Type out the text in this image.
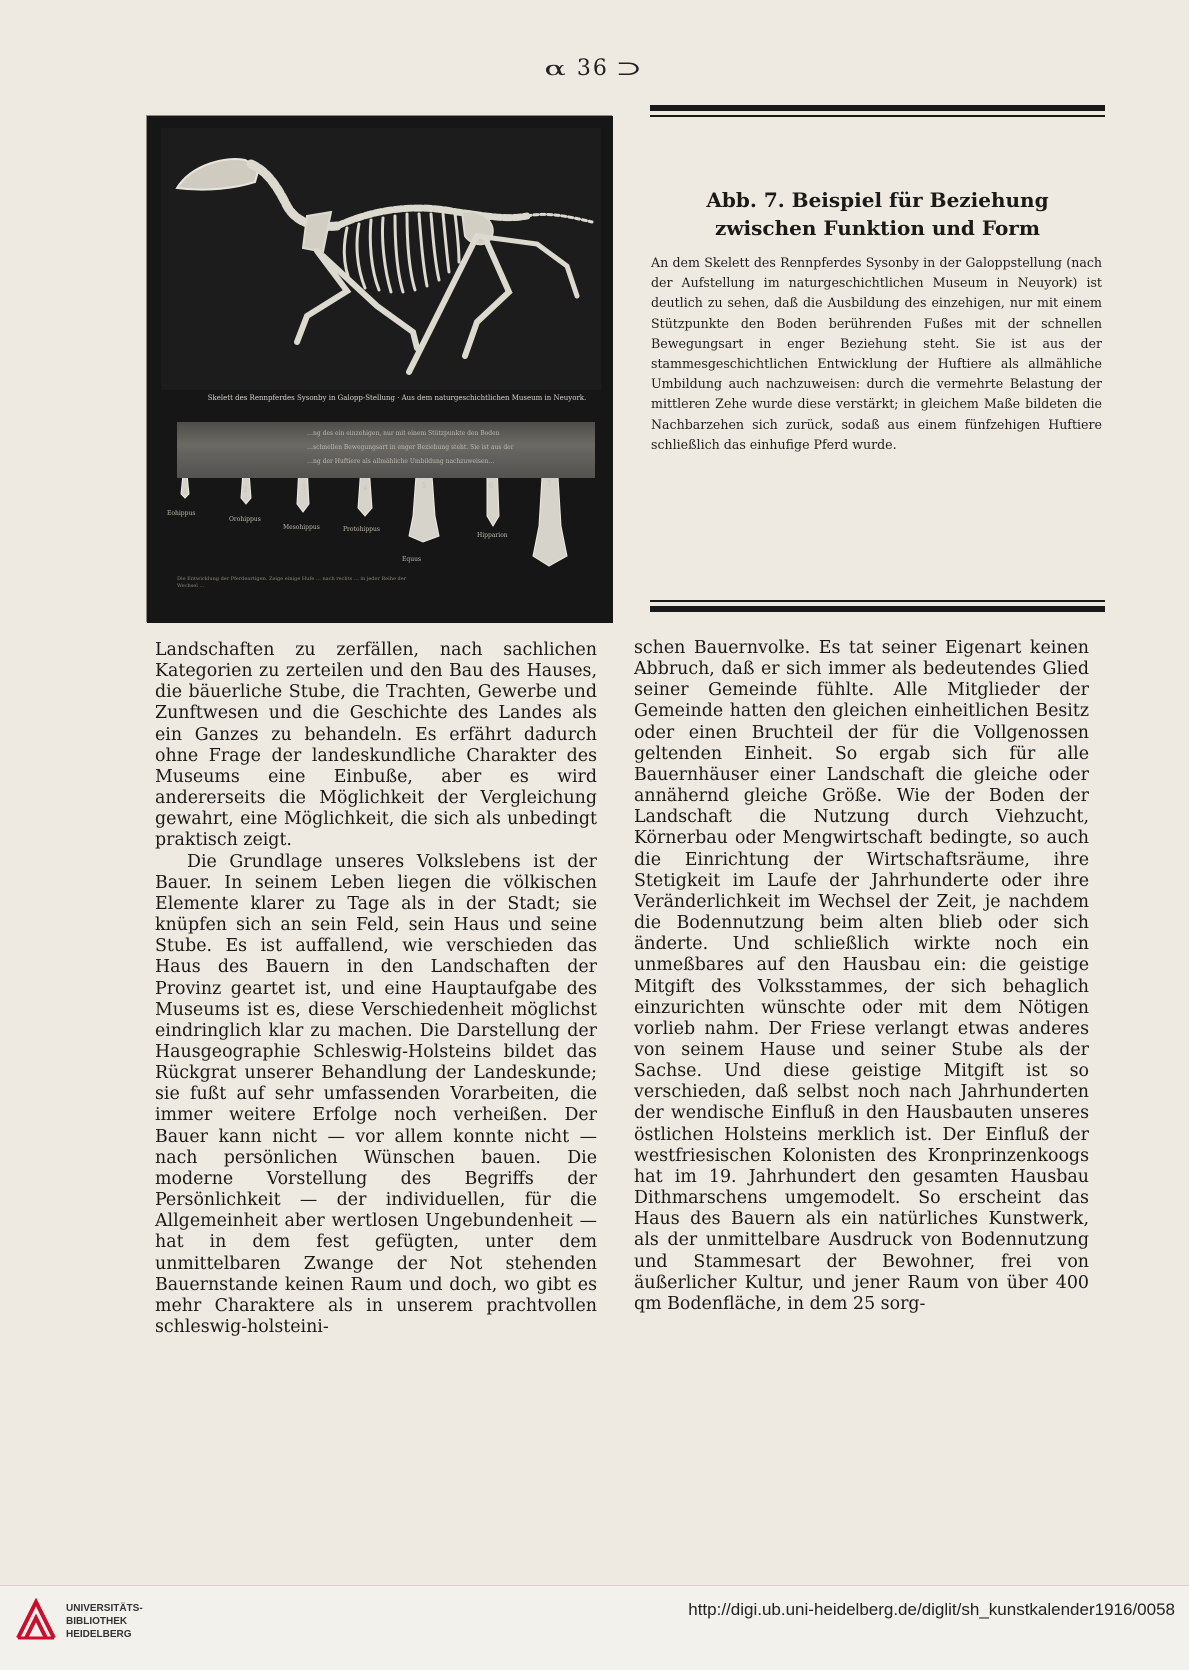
α 36 ⊃
Skelett des Rennpferdes Sysonby in Galopp-Stellung · Aus dem naturgeschichtlichen Museum in Neuyork.
…ng des ein einzehigen, nur mit einem Stützpunkte den Boden
…schnellen Bewegungsart in enger Beziehung steht. Sie ist aus der
…ng der Huftiere als allmähliche Umbildung nachzuweisen…
1	2	3	4	5	6	7
Eohippus
Orohippus
Mesohippus	Protohippus
Hipparion
Equus
Die Entwicklung der Pferdeartigen. Zeige einige Hufe … nach rechts … in jeder Reihe der Wechsel …
Abb. 7. Beispiel für Beziehung
zwischen Funktion und Form
An dem Skelett des Rennpferdes Sysonby in der Galoppstellung (nach der Aufstellung im naturgeschichtlichen Museum in Neuyork) ist deutlich zu sehen, daß die Ausbildung des einzehigen, nur mit einem Stützpunkte den Boden berührenden Fußes mit der schnellen Bewegungsart in enger Beziehung steht. Sie ist aus der stammesgeschichtlichen Entwicklung der Huftiere als allmähliche Umbildung auch nachzuweisen: durch die vermehrte Belastung der mittleren Zehe wurde diese verstärkt; in gleichem Maße bildeten die Nachbarzehen sich zurück, sodaß aus einem fünfzehigen Huftiere schließlich das einhufige Pferd wurde.

Landschaften zu zerfällen, nach sachlichen Kategorien zu zerteilen und den Bau des Hauses, die bäuerliche Stube, die Trachten, Gewerbe und Zunftwesen und die Geschichte des Landes als ein Ganzes zu behandeln. Es erfährt dadurch ohne Frage der landeskundliche Charakter des Museums eine Einbuße, aber es wird andererseits die Möglichkeit der Vergleichung gewahrt, eine Möglichkeit, die sich als unbedingt praktisch zeigt.

Die Grundlage unseres Volkslebens ist der Bauer. In seinem Leben liegen die völkischen Elemente klarer zu Tage als in der Stadt; sie knüpfen sich an sein Feld, sein Haus und seine Stube. Es ist auffallend, wie verschieden das Haus des Bauern in den Landschaften der Provinz geartet ist, und eine Hauptaufgabe des Museums ist es, diese Verschiedenheit möglichst eindringlich klar zu machen. Die Darstellung der Hausgeographie Schleswig-Holsteins bildet das Rückgrat unserer Behandlung der Landeskunde; sie fußt auf sehr umfassenden Vorarbeiten, die immer weitere Erfolge noch verheißen. Der Bauer kann nicht — vor allem konnte nicht — nach persönlichen Wünschen bauen. Die moderne Vorstellung des Begriffs der Persönlichkeit — der individuellen, für die Allgemeinheit aber wertlosen Ungebundenheit — hat in dem fest gefügten, unter dem unmittelbaren Zwange der Not stehenden Bauernstande keinen Raum und doch, wo gibt es mehr Charaktere als in unserem prachtvollen schleswig-holsteini-

schen Bauernvolke. Es tat seiner Eigenart keinen Abbruch, daß er sich immer als bedeutendes Glied seiner Gemeinde fühlte. Alle Mitglieder der Gemeinde hatten den gleichen einheitlichen Besitz oder einen Bruchteil der für die Vollgenossen geltenden Einheit. So ergab sich für alle Bauernhäuser einer Landschaft die gleiche oder annähernd gleiche Größe. Wie der Boden der Landschaft die Nutzung durch Viehzucht, Körnerbau oder Mengwirtschaft bedingte, so auch die Einrichtung der Wirtschaftsräume, ihre Stetigkeit im Laufe der Jahrhunderte oder ihre Veränderlichkeit im Wechsel der Zeit, je nachdem die Bodennutzung beim alten blieb oder sich änderte. Und schließlich wirkte noch ein unmeßbares auf den Hausbau ein: die geistige Mitgift des Volksstammes, der sich behaglich einzurichten wünschte oder mit dem Nötigen vorlieb nahm. Der Friese verlangt etwas anderes von seinem Hause und seiner Stube als der Sachse. Und diese geistige Mitgift ist so verschieden, daß selbst noch nach Jahrhunderten der wendische Einfluß in den Hausbauten unseres östlichen Holsteins merklich ist. Der Einfluß der westfriesischen Kolonisten des Kronprinzenkoogs hat im 19. Jahrhundert den gesamten Hausbau Dithmarschens umgemodelt. So erscheint das Haus des Bauern als ein natürliches Kunstwerk, als der unmittelbare Ausdruck von Bodennutzung und Stammesart der Bewohner, frei von äußerlicher Kultur, und jener Raum von über 400 qm Bodenfläche, in dem 25 sorg-

UNIVERSITÄTS-
BIBLIOTHEK
HEIDELBERG
http://digi.ub.uni-heidelberg.de/diglit/sh_kunstkalender1916/0058
